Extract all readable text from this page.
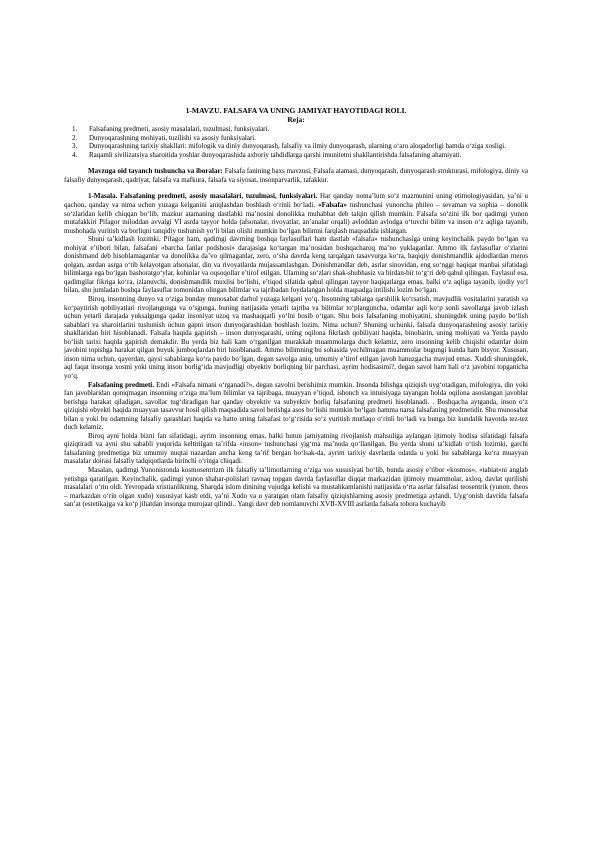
1-MAVZU. FALSAFA VA UNING JAMIYAT HAYOTIDAGI ROLI.

Reja:

1. Falsafaning predmeti, asosiy masalalari, tuzulmasi, funksiyalari.
2. Dunyoqarashning mohiyati, tuzilishi va asosiy funksiyalari.
3. Dunyoqarashning tarixiy shakllari: mifologik va diniy dunyoqarash, falsafiy va ilmiy dunyoqarash, ularning o‘aro aloqadorligi hamda o‘ziga xosligi.
4. Raqamli sivilizatsiya sharoitida yoshlar dunyoqarashida axboriy tahdidlarga qarshi imunitetni shakllantirishda falsafaning ahamiyati.

Mavzuga oid tayanch tushuncha va iboralar: Falsafa fanining baxs mavzusi, Falsafa atamasi, dunyoqarash, dunyoqarash strukturasi, mifologiya, diniy va falsafiy dunyoqarash, qadriyat, falsafa va mafkura, falsafa va siyosat, insonparvarlik, tafakkur.

1-Masala. Falsafaning predmeti, asosiy masalalari, tuzulmasi, funksiyalari. Har qanday noma’lum so‘z mazmunini uning etimologiyasidan, ya’ni u qachon, qanday va nima uchun yuzaga kelganini aniqlashdan boshlash o‘rinli bo‘ladi. «Falsafa» tushunchasi yunoncha phileo – sevaman va sophia – donolik so‘zlaridan kelib chiqqan bo‘lib, mazkur atamaning dastlabki ma’nosini donolikka muhabbat deb talqin qilish mumkin. Falsafa so‘zini ilk bor qadimgi yunon mutafakkiri Pifagor miloddan avvalgi VI asrda tayyor holda (afsonalar, rivoyatlar, an’analar orqali) avloddan avlodga o‘tuvchi bilim va inson o‘z aqliga tayanib, mushohada yuritish va borliqni tanqidiy tushunish yo‘li bilan olishi mumkin bo‘lgan bilimni farqlash maqsadida ishlatgan.

Shuni ta’kidlash lozimki, Pifagor ham, qadimgi davrning boshqa faylasuflari ham dastlab «falsafa» tushunchasiga uning keyinchalik paydo bo‘lgan va mohiyat e’tibori bilan, falsafani «barcha fanlar podshosi» darajasiga ko‘targan ma’nosidan boshqacharoq ma’no yuklaganlar. Ammo ilk faylasuflar o‘zlarini donishmand deb hisoblamaganlar va donolikka da’vo qilmaganlar, zero, o‘sha davrda keng tarqalgan tasavvurga ko‘ra, haqiqiy donishmandlik ajdodlardan meros qolgan, asrdan asrga o‘tib kelayotgan afsonalar, din va rivoyatlarda mujassamlashgan. Donishmandlar deb, asrlar sinovidan, eng so‘nggi haqiqat manbai sifatidagi bilimlarga ega bo‘lgan bashoratgo‘ylar, kohinlar va oqsoqollar e’tirof etilgan. Ularning so‘zlari shak-shubhasiz va birdan-bir to‘g‘ri deb qabul qilingan. Faylasuf esa, qadimgilar fikriga ko‘ra, izlanuvchi, donishmandlik muxlisi bo‘lishi, e’tiqod sifatida qabul qilingan tayyor haqiqatlarga emas, balki o‘z aqliga tayanib, ijodiy yo‘l bilan, shu jumladan boshqa faylasuflar tomonidan olingan bilimlar va tajribadan foydalangan holda maqsadga intilishi lozim bo‘lgan.

Biroq, insonning dunyo va o‘ziga bunday munosabat darhol yuzaga kelgani yo‘q. Insonning tabiatga qarshilik ko‘rsatish, mavjudlik vositalarini yaratish va ko‘paytirish qobiliyatlari rivojlangunga va o‘sgunga, buning natijasida yetarli tajriba va bilimlar to‘planguncha, odamlar aqli ko‘p sonli savollarga javob izlash uchun yetarli darajada yuksalgunga qadar insoniyat uzoq va mashaqqatli yo‘lni bosib o‘tgan. Shu bois falsafaning mohiyatini, shuningdek uning paydo bo‘lish sabablari va sharoitlarini tushunish uchun gapni inson dunyoqarashidan boshlash lozim. Nima uchun? Shuning uchunki, falsafa dunyoqarashning asosiy tarixiy shakllaridan biri hisoblanadi. Falsafa haqida gapirish – inson dunyoqarashi, uning oqilona fikrlash qobiliyati haqida, binobarin, uning mohiyati va Yerda paydo bo‘lish tarixi haqida gapirish demakdir. Bu yerda biz hali kam o‘rganilgan murakkab muammolarga duch kelamiz, zero insonning kelib chiqishi odamlar doim javobini topishga harakat qilgan buyuk jumboqlardan biri hisoblanadi. Ammo bilimning bu sohasida yechilmagan muammolar bugungi kunda ham bisyor. Xususan, inson nima uchun, qayerdan, qaysi sabablarga ko‘ra paydo bo‘lgan, degan savolga aniq, umumiy e’tirof etilgan javob hanuzgacha mavjud emas. Xuddi shuningdek, aql faqat insonga xosmi yoki uning inson borlig‘ida mavjudligi obyektiv borliqning bir parchasi, ayrim hodisasimi?, degan savol ham hali o‘z javobini topganicha yo‘q.

Falsafaning predmeti. Endi «Falsafa nimani o‘rganadi?», degan savolni berishimiz mumkin. Insonda bilishga qiziqish uyg‘otadigan, mifologiya, din yoki fan javoblaridan qoniqmagan insonning o‘ziga ma’lum bilimlar va tajribaga, muayyan e’tiqod, ishonch va intuisiyaga tayangan holda oqilona asoslangan javoblar berishga harakat qiladigan, savollar tug‘diradigan har qanday obyektiv va subyektiv borliq falsafaning predmeti hisoblanadi. . Boshqacha aytganda, inson o‘z qiziqishi obyekti haqida muayyan tasavvur hosil qilish maqsadida savol berishga asos bo‘lishi mumkin bo‘lgan hamma narsa falsafaning predmetidir. Shu munosabat bilan u yoki bu odamning falsafiy qarashlari haqida va hatto uning falsafasi to‘g‘risida so‘z yuritish mutlaqo o‘rinli bo‘ladi va bunga biz kundalik hayotda tez-tez duch kelamiz.

Biroq ayni holda bizni fan sifatidagi, ayrim insonning emas, balki butun jamiyatning rivojlanish mahsuliga aylangan ijtimoiy hodisa sifatidagi falsafa qiziqtiradi va ayni shu sababli yuqorida keltirilgan ta’rifda «inson» tushunchasi yig‘ma ma’noda qo‘llanilgan. Bu yerda shuni ta’kidlab o‘tish lozimki, garchi falsafaning predmetiga biz umumiy nuqtai nazardan ancha keng ta’rif bergan bo‘lsak-da, ayrim tarixiy davrlarda odatda u yoki bu sabablarga ko‘ra muayyan masalalar doirasi falsafiy tadqiqotlarda birinchi o‘ringa chiqadi.

Masalan, qadimgi Yunonistonda kosmosentrizm ilk falsafiy ta’limotlarning o‘ziga xos xususiyati bo‘lib, bunda asosiy e’tibor «kosmos», «tabiat»ni anglab yetishga qaratilgan. Keyinchalik, qadimgi yunon shahar-polislari ravnaq topgan davrda faylasuflar diqqat markazidan ijtimoiy muammolar, axloq, davlat qurilishi masalalari o‘rin oldi. Yevropada xristianlikning, Sharqda islom dinining vujudga kelishi va mustahkamlanishi natijasida o‘rta asrlar falsafasi teosentrik (yunon. theos – markazdan o‘rin olgan xudo) xususiyat kasb etdi, ya’ni Xudo va u yaratgan olam falsafiy qiziqishlarning asosiy predmetiga aylandi. Uyg‘onish davrida falsafa san’at (estetika)ga va ko‘p jihatdan insonga murojaat qilindi.. Yangi davr deb nomlanuvchi XVII-XVIII asrlarda falsafa tobora kuchayib
